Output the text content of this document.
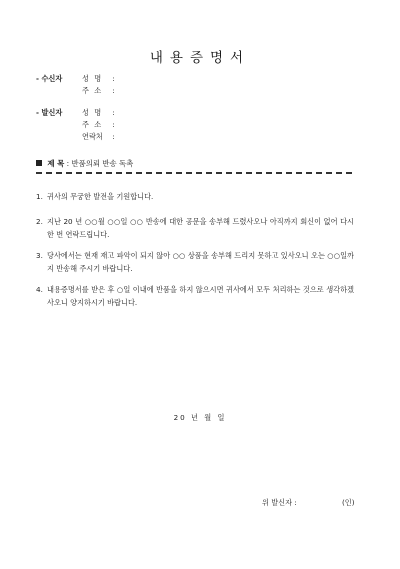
내용증명서
- 수신자	성 명 :
주 소 :
- 발신자	성 명 :
주 소 :
연락처 :
제 목 : 반품의뢰 반송 독촉
1. 귀사의 무궁한 발전을 기원합니다.
2. 지난 20 년 ○○월 ○○일 ○○ 반송에 대한 공문을 송부해 드렸사오나 아직까지 회신이 없어 다시 한 번 연락드립니다.
3. 당사에서는 현재 재고 파악이 되지 않아 ○○ 상품을 송부해 드리지 못하고 있사오니 오는 ○○일까지 반송해 주시기 바랍니다.
4. 내용증명서를 받은 후 ○일 이내에 반품을 하지 않으시면 귀사에서 모두 처리하는 것으로 생각하겠사오니 양지하시기 바랍니다.
20 년 월 일
위 발신자 :	(인)
